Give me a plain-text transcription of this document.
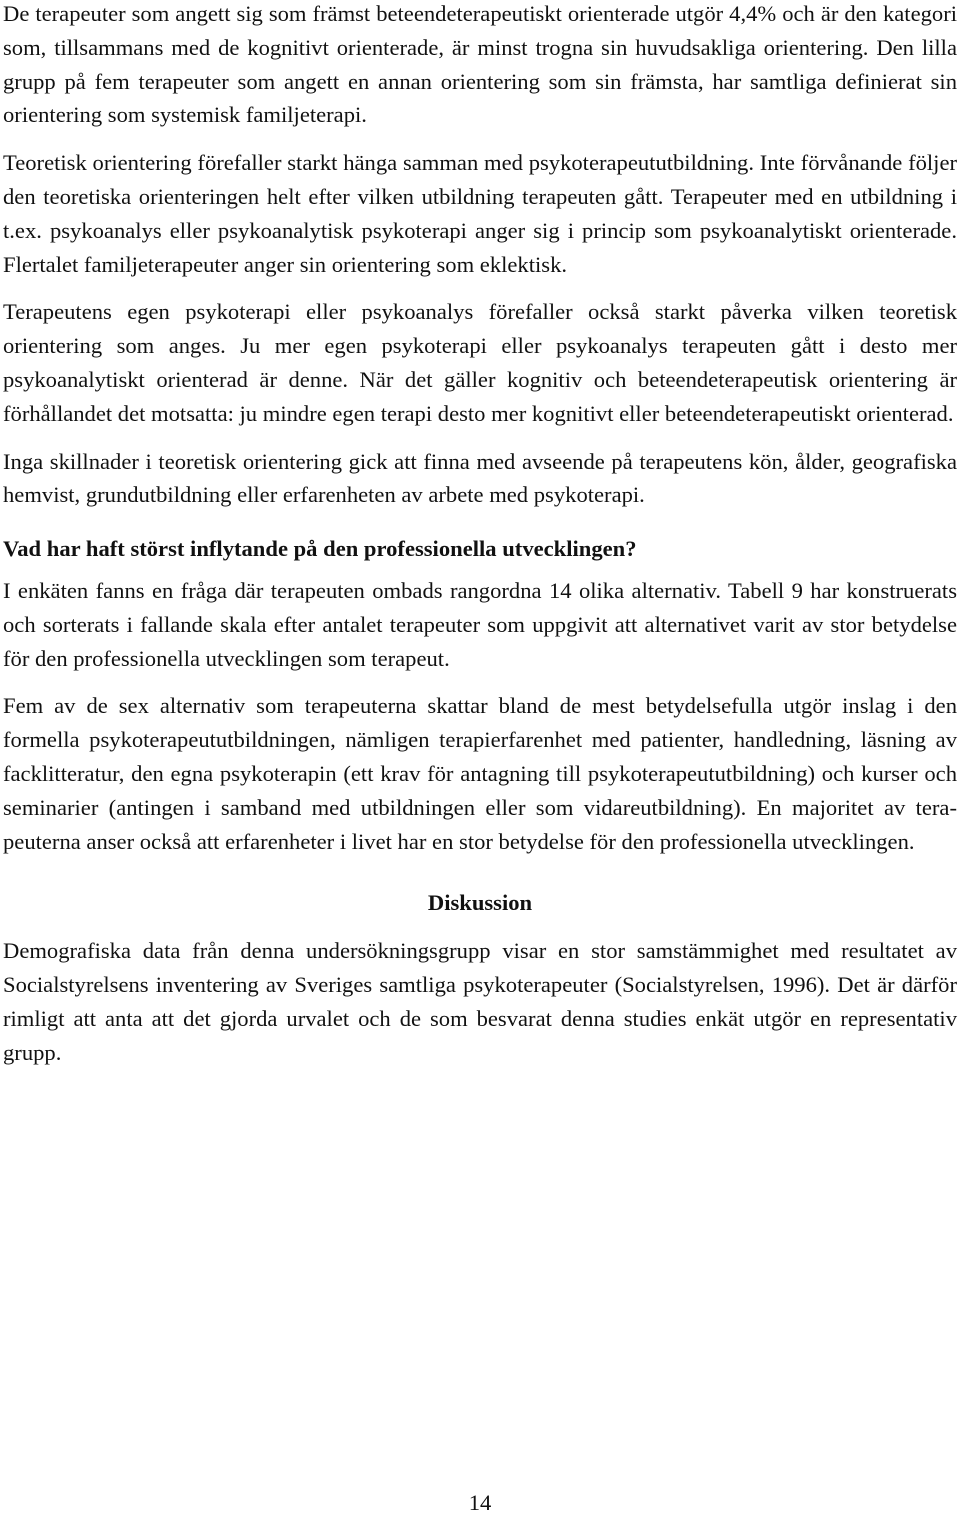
De terapeuter som angett sig som främst beteendeterapeutiskt orienterade utgör 4,4% och är den kategori som, tillsammans med de kognitivt orienterade, är minst trogna sin huvudsakliga orientering. Den lilla grupp på fem terapeuter som angett en annan orientering som sin främsta, har samtliga definierat sin orientering som systemisk familjeterapi.

Teoretisk orientering förefaller starkt hänga samman med psykoterapeututbildning. Inte förvånande följer den teoretiska orienteringen helt efter vilken utbildning terapeuten gått. Terapeuter med en utbildning i t.ex. psykoanalys eller psykoanalytisk psykoterapi anger sig i princip som psykoanalytiskt orienterade. Flertalet familjeterapeuter anger sin orientering som eklektisk.

Terapeutens egen psykoterapi eller psykoanalys förefaller också starkt påverka vilken teoretisk orientering som anges. Ju mer egen psykoterapi eller psykoanalys terapeuten gått i desto mer psykoanalytiskt orienterad är denne. När det gäller kognitiv och beteendeterapeutisk orientering är förhållandet det motsatta: ju mindre egen terapi desto mer kognitivt eller beteendeterapeutiskt orienterad.

Inga skillnader i teoretisk orientering gick att finna med avseende på terapeutens kön, ålder, geografiska hemvist, grundutbildning eller erfarenheten av arbete med psykoterapi.

Vad har haft störst inflytande på den professionella utvecklingen?

I enkäten fanns en fråga där terapeuten ombads rangordna 14 olika alternativ. Tabell 9 har konstruerats och sorterats i fallande skala efter antalet terapeuter som uppgivit att alternativet varit av stor betydelse för den professionella utvecklingen som terapeut.

Fem av de sex alternativ som terapeuterna skattar bland de mest betydelsefulla utgör inslag i den formella psykoterapeututbildningen, nämligen terapierfarenhet med patienter, handledning, läsning av facklitteratur, den egna psykoterapin (ett krav för antagning till psykoterapeututbildning) och kurser och seminarier (antingen i samband med utbildningen eller som vidareutbildning). En majoritet av terapeuterna anser också att erfarenheter i livet har en stor betydelse för den professionella utvecklingen.

Diskussion

Demografiska data från denna undersökningsgrupp visar en stor samstämmighet med resultatet av Socialstyrelsens inventering av Sveriges samtliga psykoterapeuter (Socialstyrelsen, 1996). Det är därför rimligt att anta att det gjorda urvalet och de som besvarat denna studies enkät utgör en representativ grupp.

14
